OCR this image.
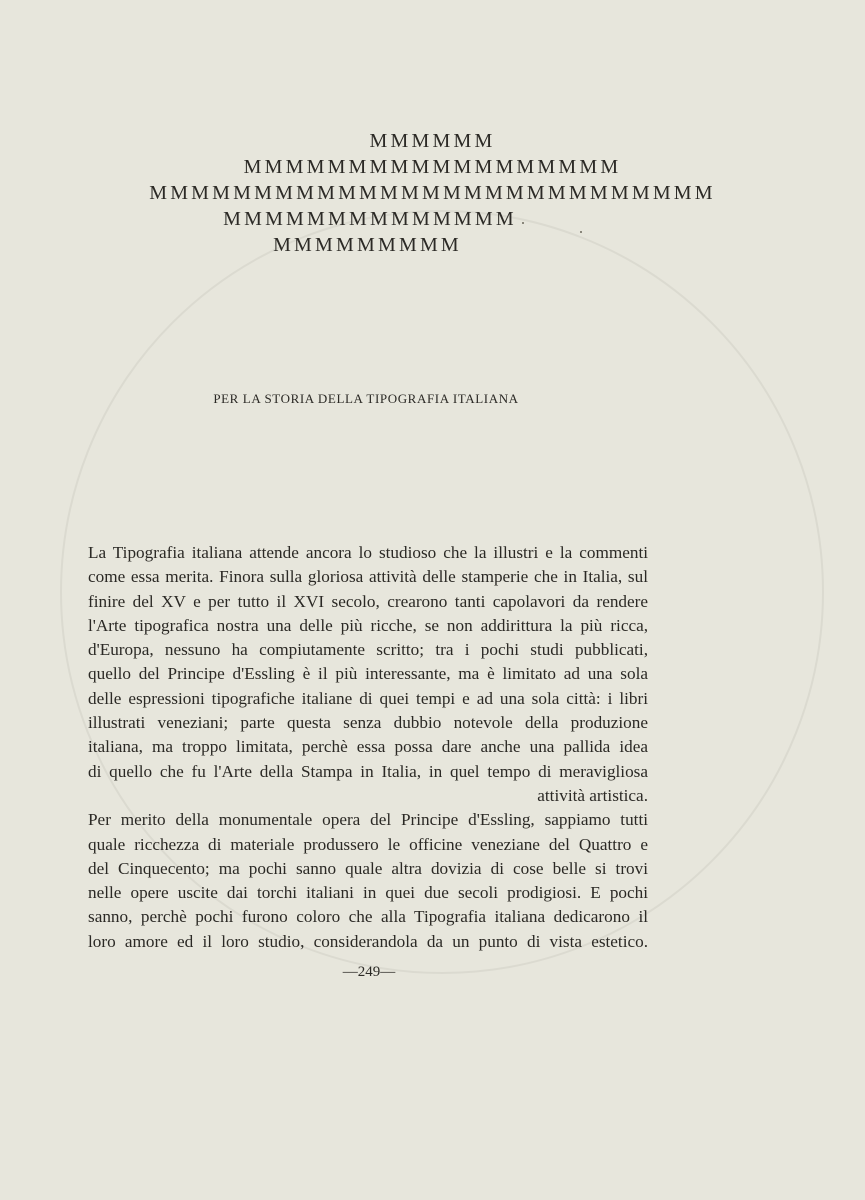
MMMMMM
MMMMMMMMMMMMMMMMMM
MMMMMMMMMMMMMMMMMMMMMMMMMMM
MMMMMMMMMMMMMM
MMMMMMMMM
PER LA STORIA DELLA TIPOGRAFIA ITALIANA
La Tipografia italiana attende ancora lo studioso che la illustri e la commenti
come essa merita. Finora sulla gloriosa attività delle stamperie che in Italia, sul
finire del XV e per tutto il XVI secolo, crearono tanti capolavori da rendere
l'Arte tipografica nostra una delle più ricche, se non addirittura la più ricca,
d'Europa, nessuno ha compiutamente scritto; tra i pochi studi pubblicati,
quello del Principe d'Essling è il più interessante, ma è limitato ad una sola
delle espressioni tipografiche italiane di quei tempi e ad una sola città: i libri
illustrati veneziani; parte questa senza dubbio notevole della produzione
italiana, ma troppo limitata, perchè essa possa dare anche una pallida idea
di quello che fu l'Arte della Stampa in Italia, in quel tempo di meravigliosa
attività artistica.
Per merito della monumentale opera del Principe d'Essling, sappiamo tutti
quale ricchezza di materiale produssero le officine veneziane del Quattro e
del Cinquecento; ma pochi sanno quale altra dovizia di cose belle si trovi
nelle opere uscite dai torchi italiani in quei due secoli prodigiosi. E pochi
sanno, perchè pochi furono coloro che alla Tipografia italiana dedicarono il
loro amore ed il loro studio, considerandola da un punto di vista estetico.
—249—
